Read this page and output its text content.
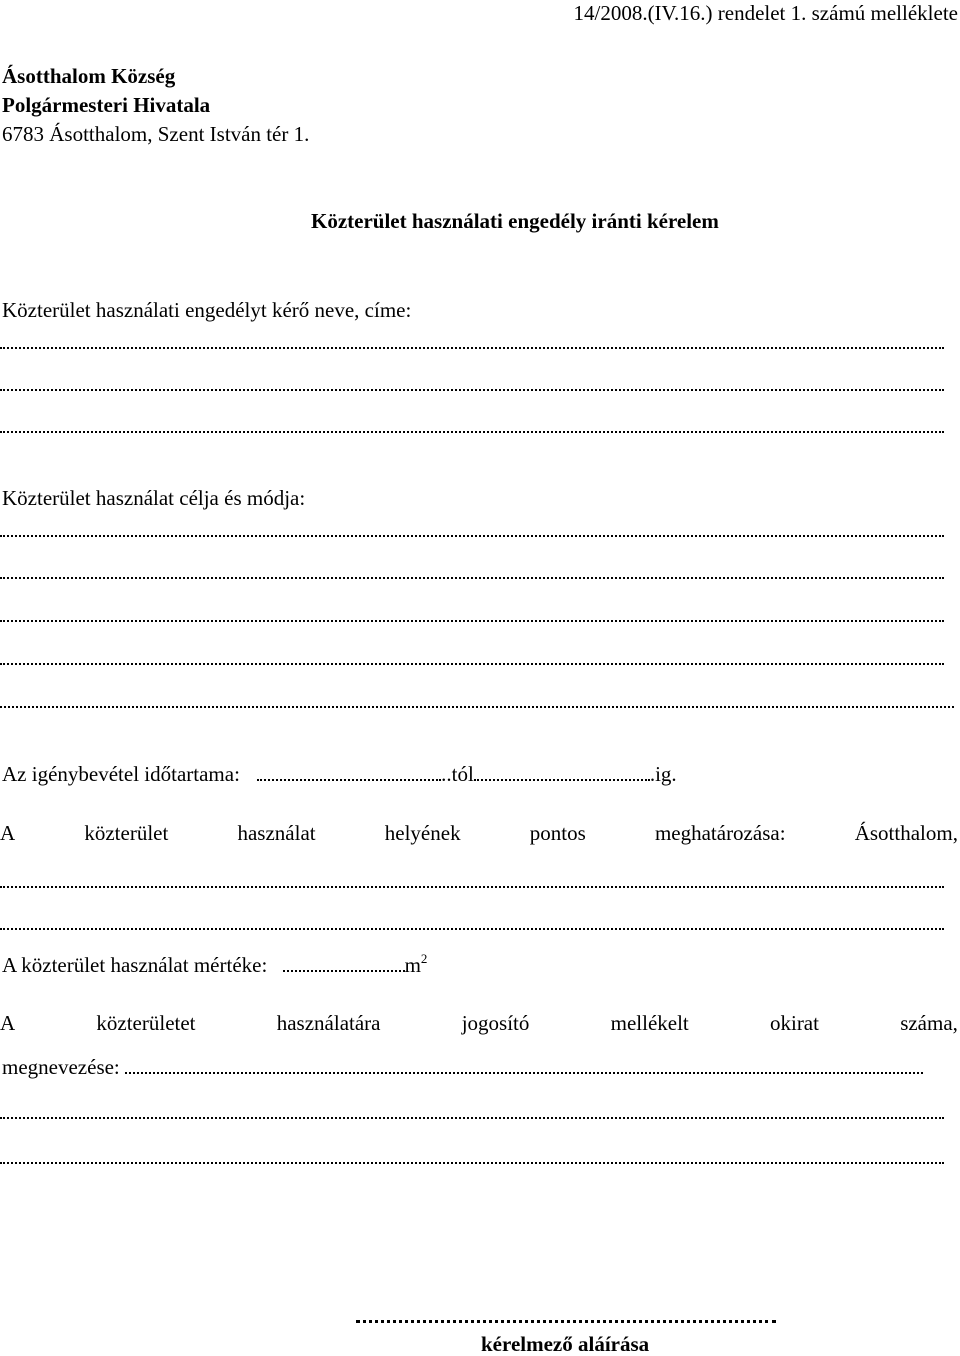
14/2008.(IV.16.) rendelet 1. számú melléklete
Ásotthalom Község
Polgármesteri Hivatala
6783 Ásotthalom, Szent István tér 1.
Közterület használati engedély iránti kérelem
Közterület használati engedélyt kérő neve, címe:
Közterület használat célja és módja:
Az igénybevétel időtartama:	..tól	.ig.
A	közterület	használat	helyének	pontos	meghatározása:	Ásotthalom,
A közterület használat mértéke:	$m^2$
A	közterületet	használatára	jogosító	mellékelt	okirat	száma,
megnevezése:
kérelmező aláírása
